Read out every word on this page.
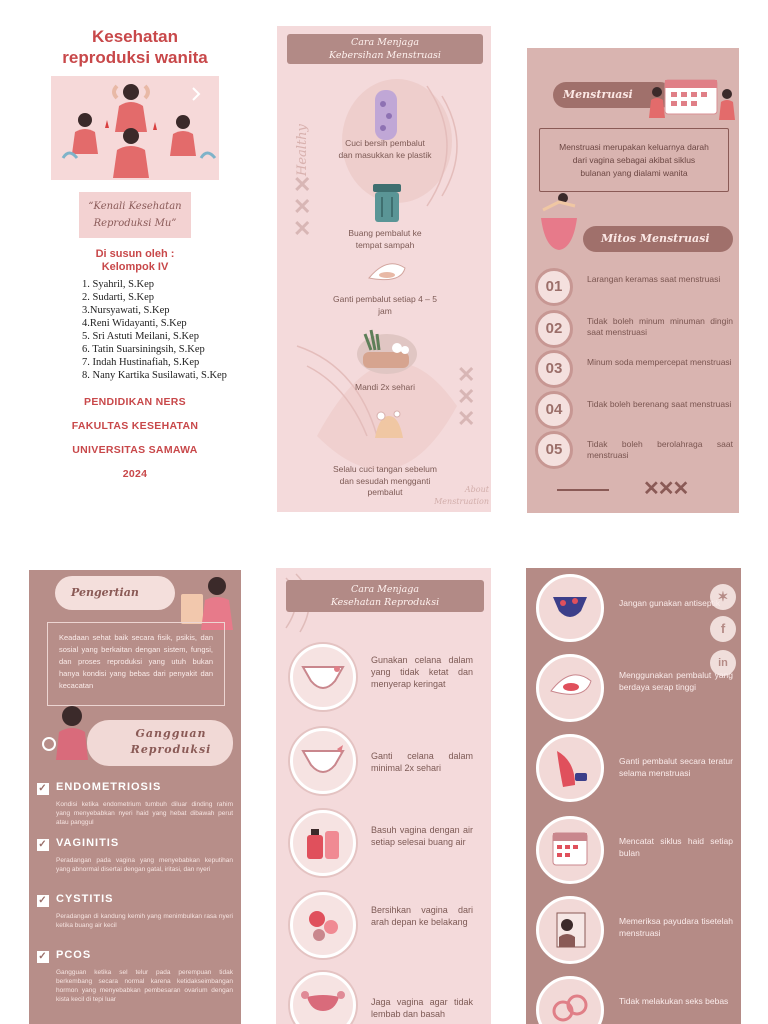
Kesehatan
reproduksi wanita
“Kenali Kesehatan
Reproduksi Mu”
Di susun oleh :
Kelompok IV
1. Syahril, S.Kep
2. Sudarti, S.Kep
3.Nursyawati, S.Kep
4.Reni Widayanti, S.Kep
5. Sri Astuti Meilani, S.Kep
6. Tatin Suarsiningsih, S.Kep
7. Indah Hustinafiah, S.Kep
8. Nany Kartika Susilawati, S.Kep
PENDIDIKAN NERS
FAKULTAS KESEHATAN
UNIVERSITAS SAMAWA
2024
Cara Menjaga
Kebersihan Menstruasi
Healthy
✕
✕
✕
✕
✕
✕
Cuci bersih pembalut dan masukkan ke plastik
Buang pembalut ke tempat sampah
Ganti pembalut setiap 4 – 5 jam
Mandi 2x sehari
Selalu cuci tangan sebelum dan sesudah mengganti pembalut	About
Menstruation
Menstruasi
Menstruasi merupakan keluarnya darah dari vagina sebagai akibat siklus bulanan yang dialami wanita
Mitos Menstruasi
01	Larangan keramas saat menstruasi
02	Tidak boleh minum minuman dingin saat menstruasi
03	Minum soda mempercepat menstruasi
04	Tidak boleh berenang saat menstruasi
05	Tidak boleh berolahraga saat menstruasi
✕✕✕
Pengertian
Keadaan sehat baik secara fisik, psikis, dan sosial yang berkaitan dengan sistem, fungsi, dan proses reproduksi yang utuh bukan hanya kondisi yang bebas dari penyakit dan kecacatan
Gangguan
Reproduksi
✓ ENDOMETRIOSIS
Kondisi ketika endometrium tumbuh diluar dinding rahim yang menyebabkan nyeri haid yang hebat dibawah perut atau panggul
✓ VAGINITIS
Peradangan pada vagina yang menyebabkan keputihan yang abnormal disertai dengan gatal, iritasi, dan nyeri
✓ CYSTITIS
Peradangan di kandung kemih yang menimbulkan rasa nyeri ketika buang air kecil
✓ PCOS
Gangguan ketika sel telur pada perempuan tidak berkembang secara normal karena ketidakseimbangan hormon yang menyebabkan pembesaran ovarium dengan kista kecil di tepi luar
Cara Menjaga
Kesehatan Reproduksi
Gunakan celana dalam yang tidak ketat dan menyerap keringat
Ganti celana dalam minimal 2x sehari
Basuh vagina dengan air setiap selesai buang air
Bersihkan vagina dari arah depan ke belakang
Jaga vagina agar tidak lembab dan basah
✶
f
in
Jangan gunakan antiseptik
Menggunakan pembalut yang berdaya serap tinggi
Ganti pembalut secara teratur selama menstruasi
Mencatat siklus haid setiap bulan
Memeriksa payudara tisetelah menstruasi
Tidak melakukan seks bebas
